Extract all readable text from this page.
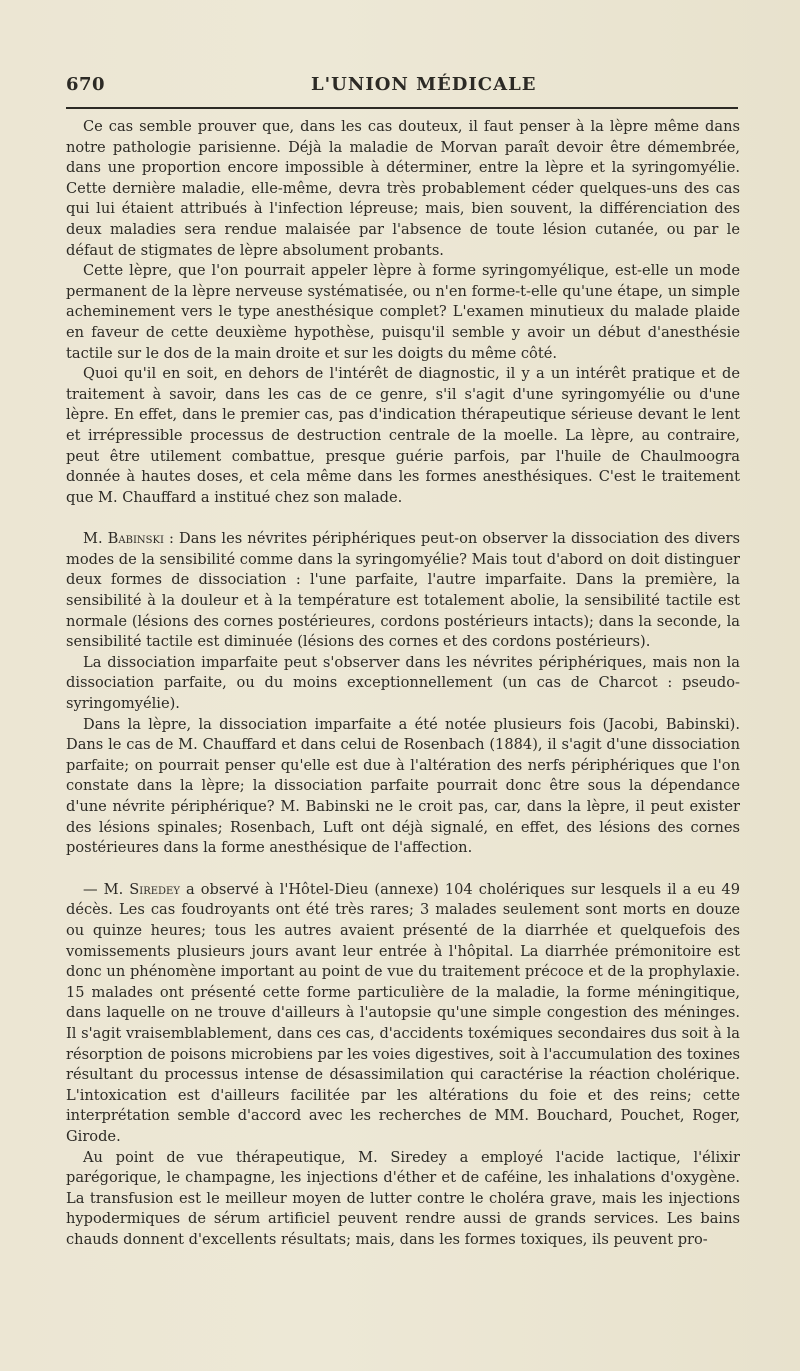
670	L'UNION MÉDICALE

Ce cas semble prouver que, dans les cas douteux, il faut penser à la lèpre même dans notre pathologie parisienne. Déjà la maladie de Morvan paraît devoir être démembrée, dans une proportion encore impossible à déterminer, entre la lèpre et la syringomyélie. Cette dernière maladie, elle-même, devra très probablement céder quelques-uns des cas qui lui étaient attribués à l'infection lépreuse; mais, bien souvent, la différenciation des deux maladies sera rendue malaisée par l'absence de toute lésion cutanée, ou par le défaut de stigmates de lèpre absolument probants.

Cette lèpre, que l'on pourrait appeler lèpre à forme syringomyélique, est-elle un mode permanent de la lèpre nerveuse systématisée, ou n'en forme-t-elle qu'une étape, un simple acheminement vers le type anesthésique complet? L'examen minutieux du malade plaide en faveur de cette deuxième hypothèse, puisqu'il semble y avoir un début d'anesthésie tactile sur le dos de la main droite et sur les doigts du même côté.

Quoi qu'il en soit, en dehors de l'intérêt de diagnostic, il y a un intérêt pratique et de traitement à savoir, dans les cas de ce genre, s'il s'agit d'une syringomyélie ou d'une lèpre. En effet, dans le premier cas, pas d'indication thérapeutique sérieuse devant le lent et irrépressible processus de destruction centrale de la moelle. La lèpre, au contraire, peut être utilement combattue, presque guérie parfois, par l'huile de Chaulmoogra donnée à hautes doses, et cela même dans les formes anesthésiques. C'est le traitement que M. Chauffard a institué chez son malade.

M. Babinski : Dans les névrites périphériques peut-on observer la dissociation des divers modes de la sensibilité comme dans la syringomyélie? Mais tout d'abord on doit distinguer deux formes de dissociation : l'une parfaite, l'autre imparfaite. Dans la première, la sensibilité à la douleur et à la température est totalement abolie, la sensibilité tactile est normale (lésions des cornes postérieures, cordons postérieurs intacts); dans la seconde, la sensibilité tactile est diminuée (lésions des cornes et des cordons postérieurs).

La dissociation imparfaite peut s'observer dans les névrites périphériques, mais non la dissociation parfaite, ou du moins exceptionnellement (un cas de Charcot : pseudo-syringomyélie).

Dans la lèpre, la dissociation imparfaite a été notée plusieurs fois (Jacobi, Babinski). Dans le cas de M. Chauffard et dans celui de Rosenbach (1884), il s'agit d'une dissociation parfaite; on pourrait penser qu'elle est due à l'altération des nerfs périphériques que l'on constate dans la lèpre; la dissociation parfaite pourrait donc être sous la dépendance d'une névrite périphérique? M. Babinski ne le croit pas, car, dans la lèpre, il peut exister des lésions spinales; Rosenbach, Luft ont déjà signalé, en effet, des lésions des cornes postérieures dans la forme anesthésique de l'affection.

— M. Siredey a observé à l'Hôtel-Dieu (annexe) 104 cholériques sur lesquels il a eu 49 décès. Les cas foudroyants ont été très rares; 3 malades seulement sont morts en douze ou quinze heures; tous les autres avaient présenté de la diarrhée et quelquefois des vomissements plusieurs jours avant leur entrée à l'hôpital. La diarrhée prémonitoire est donc un phénomène important au point de vue du traitement précoce et de la prophylaxie. 15 malades ont présenté cette forme particulière de la maladie, la forme méningitique, dans laquelle on ne trouve d'ailleurs à l'autopsie qu'une simple congestion des méninges. Il s'agit vraisemblablement, dans ces cas, d'accidents toxémiques secondaires dus soit à la résorption de poisons microbiens par les voies digestives, soit à l'accumulation des toxines résultant du processus intense de désassimilation qui caractérise la réaction cholérique. L'intoxication est d'ailleurs facilitée par les altérations du foie et des reins; cette interprétation semble d'accord avec les recherches de MM. Bouchard, Pouchet, Roger, Girode.

Au point de vue thérapeutique, M. Siredey a employé l'acide lactique, l'élixir parégorique, le champagne, les injections d'éther et de caféine, les inhalations d'oxygène. La transfusion est le meilleur moyen de lutter contre le choléra grave, mais les injections hypodermiques de sérum artificiel peuvent rendre aussi de grands services. Les bains chauds donnent d'excellents résultats; mais, dans les formes toxiques, ils peuvent pro-
